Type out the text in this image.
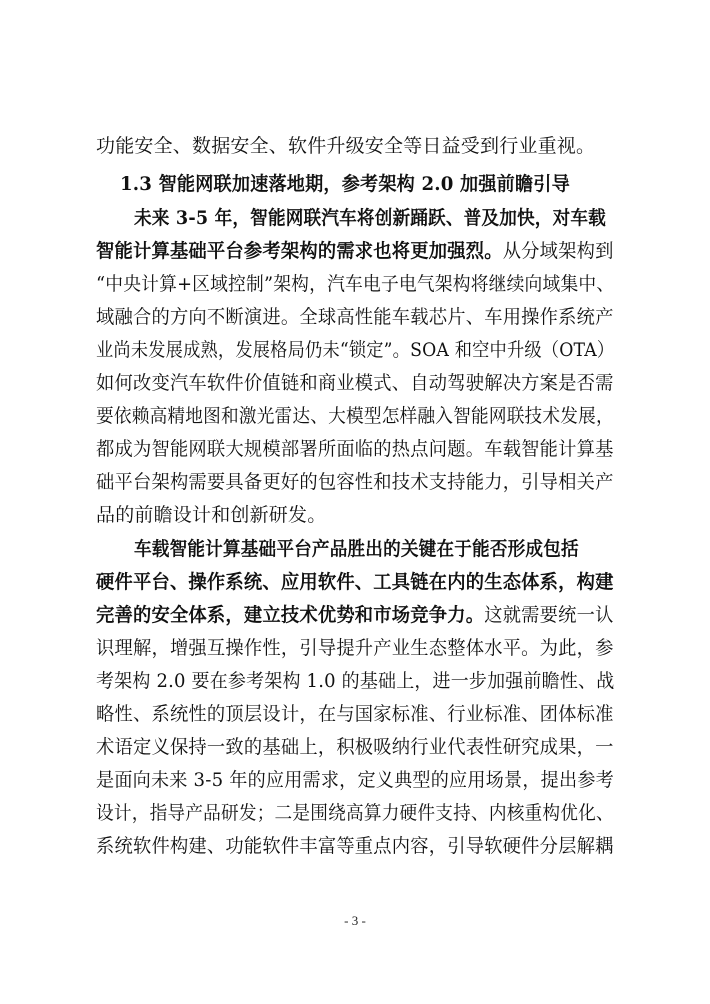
功能安全、数据安全、软件升级安全等日益受到行业重视。
1.3 智能网联加速落地期，参考架构 2.0 加强前瞻引导
未来 3-5 年，智能网联汽车将创新踊跃、普及加快，对车载
智能计算基础平台参考架构的需求也将更加强烈。从分域架构到
“中央计算+区域控制”架构，汽车电子电气架构将继续向域集中、
域融合的方向不断演进。全球高性能车载芯片、车用操作系统产
业尚未发展成熟，发展格局仍未“锁定”。SOA 和空中升级（OTA）
如何改变汽车软件价值链和商业模式、自动驾驶解决方案是否需
要依赖高精地图和激光雷达、大模型怎样融入智能网联技术发展，
都成为智能网联大规模部署所面临的热点问题。车载智能计算基
础平台架构需要具备更好的包容性和技术支持能力，引导相关产
品的前瞻设计和创新研发。
车载智能计算基础平台产品胜出的关键在于能否形成包括
硬件平台、操作系统、应用软件、工具链在内的生态体系，构建
完善的安全体系，建立技术优势和市场竞争力。这就需要统一认
识理解，增强互操作性，引导提升产业生态整体水平。为此，参
考架构 2.0 要在参考架构 1.0 的基础上，进一步加强前瞻性、战
略性、系统性的顶层设计，在与国家标准、行业标准、团体标准
术语定义保持一致的基础上，积极吸纳行业代表性研究成果，一
是面向未来 3-5 年的应用需求，定义典型的应用场景，提出参考
设计，指导产品研发；二是围绕高算力硬件支持、内核重构优化、
系统软件构建、功能软件丰富等重点内容，引导软硬件分层解耦
- 3 -
